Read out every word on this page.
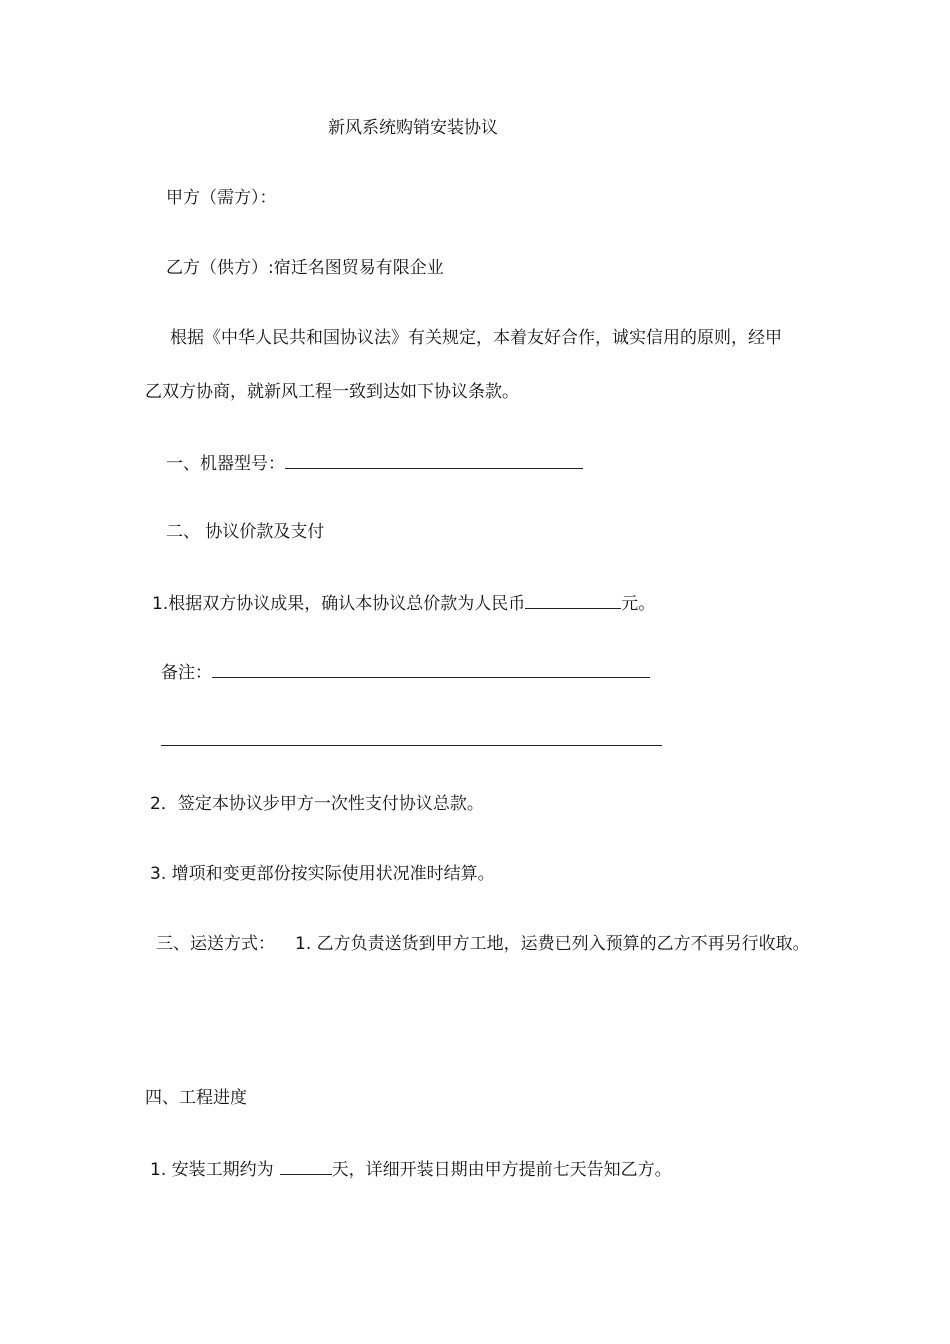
新风系统购销安装协议
甲方（需方）：
乙方（供方）:宿迁名图贸易有限企业
根据《中华人民共和国协议法》有关规定，本着友好合作，诚实信用的原则，经甲
乙双方协商，就新风工程一致到达如下协议条款。
一、机器型号：
二、 协议价款及支付
1.根据双方协议成果，确认本协议总价款为人民币	元。
备注：
2．签定本协议步甲方一次性支付协议总款。
3. 增项和变更部份按实际使用状况准时结算。
三、运送方式： 1. 乙方负责送货到甲方工地，运费已列入预算的乙方不再另行收取。
四、工程进度
1. 安装工期约为	天，详细开装日期由甲方提前七天告知乙方。
